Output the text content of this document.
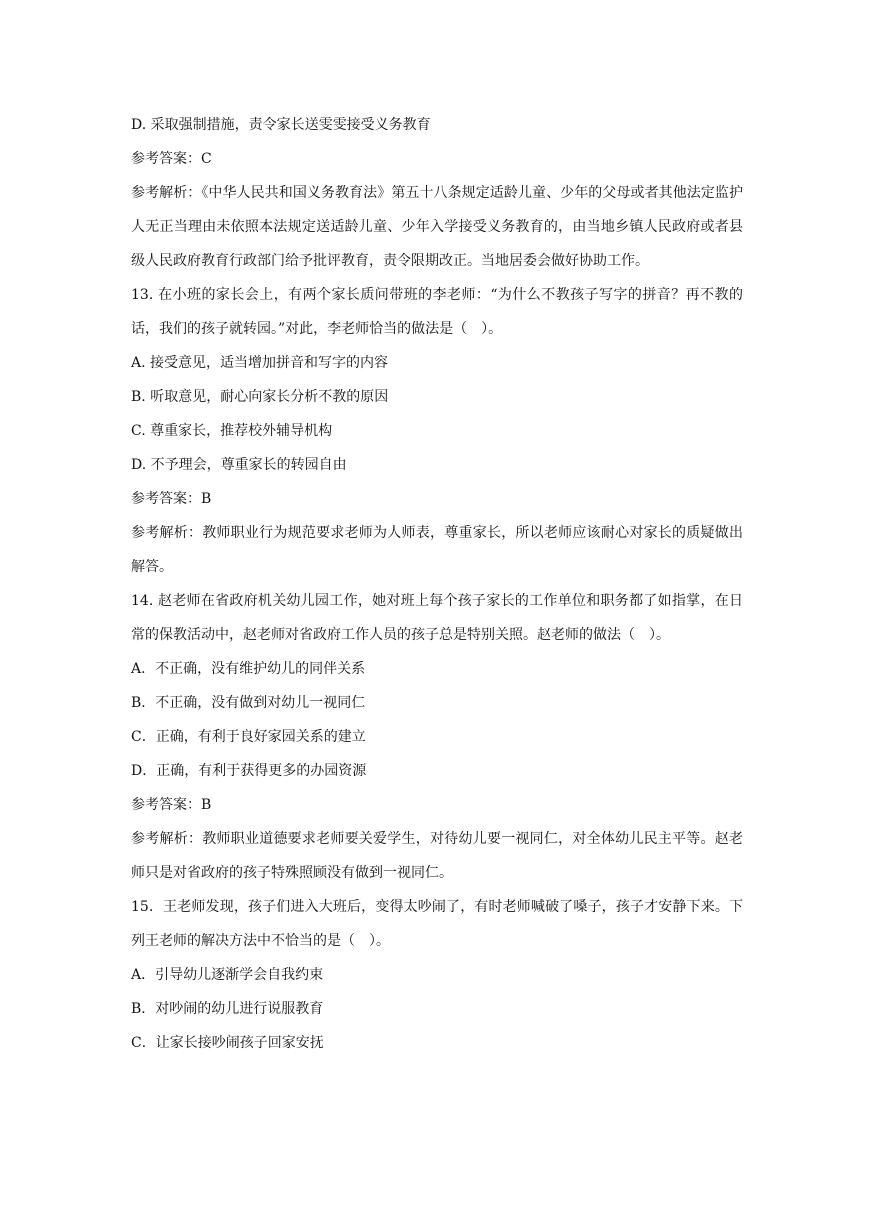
D. 采取强制措施，责令家长送雯雯接受义务教育
参考答案：C
参考解析：《中华人民共和国义务教育法》第五十八条规定适龄儿童、少年的父母或者其他法定监护人无正当理由未依照本法规定送适龄儿童、少年入学接受义务教育的，由当地乡镇人民政府或者县级人民政府教育行政部门给予批评教育，责令限期改正。当地居委会做好协助工作。
13. 在小班的家长会上，有两个家长质问带班的李老师：“为什么不教孩子写字的拼音？再不教的话，我们的孩子就转园。”对此，李老师恰当的做法是（　）。
A. 接受意见，适当增加拼音和写字的内容
B. 听取意见，耐心向家长分析不教的原因
C. 尊重家长，推荐校外辅导机构
D. 不予理会，尊重家长的转园自由
参考答案：B
参考解析：教师职业行为规范要求老师为人师表，尊重家长，所以老师应该耐心对家长的质疑做出解答。
14. 赵老师在省政府机关幼儿园工作，她对班上每个孩子家长的工作单位和职务都了如指掌，在日常的保教活动中，赵老师对省政府工作人员的孩子总是特别关照。赵老师的做法（　）。
A．不正确，没有维护幼儿的同伴关系
B．不正确，没有做到对幼儿一视同仁
C．正确，有利于良好家园关系的建立
D．正确，有利于获得更多的办园资源
参考答案：B
参考解析：教师职业道德要求老师要关爱学生，对待幼儿要一视同仁，对全体幼儿民主平等。赵老师只是对省政府的孩子特殊照顾没有做到一视同仁。
15．王老师发现，孩子们进入大班后，变得太吵闹了，有时老师喊破了嗓子，孩子才安静下来。下列王老师的解决方法中不恰当的是（　）。
A．引导幼儿逐渐学会自我约束
B．对吵闹的幼儿进行说服教育
C．让家长接吵闹孩子回家安抚
